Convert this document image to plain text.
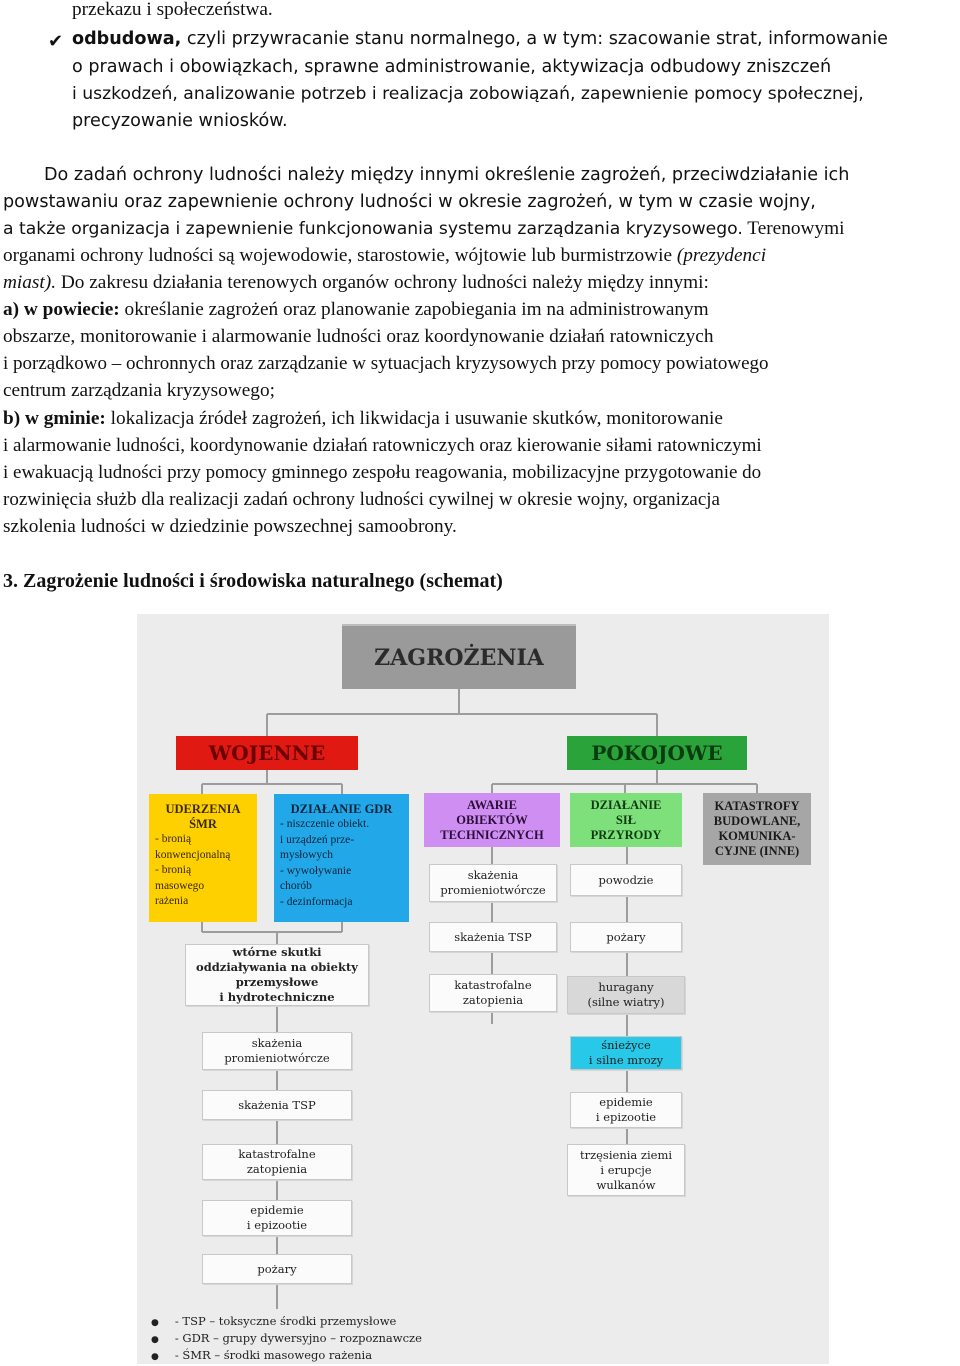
przekazu i społeczeństwa.
✔ odbudowa, czyli przywracanie stanu normalnego, a w tym: szacowanie strat, informowanie
o prawach i obowiązkach, sprawne administrowanie, aktywizacja odbudowy zniszczeń
i uszkodzeń, analizowanie potrzeb i realizacja zobowiązań, zapewnienie pomocy społecznej,
precyzowanie wniosków.
Do zadań ochrony ludności należy między innymi określenie zagrożeń, przeciwdziałanie ich
powstawaniu oraz zapewnienie ochrony ludności w okresie zagrożeń, w tym w czasie wojny,
a także organizacja i zapewnienie funkcjonowania systemu zarządzania kryzysowego. Terenowymi
organami ochrony ludności są wojewodowie, starostowie, wójtowie lub burmistrzowie (prezydenci
miast). Do zakresu działania terenowych organów ochrony ludności należy między innymi:
a) w powiecie: określanie zagrożeń oraz planowanie zapobiegania im na administrowanym
obszarze, monitorowanie i alarmowanie ludności oraz koordynowanie działań ratowniczych
i porządkowo – ochronnych oraz zarządzanie w sytuacjach kryzysowych przy pomocy powiatowego
centrum zarządzania kryzysowego;
b) w gminie: lokalizacja źródeł zagrożeń, ich likwidacja i usuwanie skutków, monitorowanie
i alarmowanie ludności, koordynowanie działań ratowniczych oraz kierowanie siłami ratowniczymi
i ewakuacją ludności przy pomocy gminnego zespołu reagowania, mobilizacyjne przygotowanie do
rozwinięcia służb dla realizacji zadań ochrony ludności cywilnej w okresie wojny, organizacja
szkolenia ludności w dziedzinie powszechnej samoobrony.
3. Zagrożenie ludności i środowiska naturalnego (schemat)
ZAGROŻENIA
WOJENNE	POKOJOWE
UDERZENIA
ŚMR
- bronią
konwencjonalną
- bronią
masowego
rażenia
DZIAŁANIE GDR
- niszczenie obiekt.
i urządzeń prze-
mysłowych
- wywoływanie
chorób
- dezinformacja
AWARIE
OBIEKTÓW
TECHNICZNYCH
DZIAŁANIE
SIŁ
PRZYRODY
KATASTROFY
BUDOWLANE,
KOMUNIKA-
CYJNE (INNE)
wtórne skutki
oddziaływania na obiekty
przemysłowe
i hydrotechniczne
skażenia
promieniotwórcze
skażenia TSP
katastrofalne
zatopienia
epidemie
i epizootie
pożary
skażenia
promieniotwórcze
skażenia TSP
katastrofalne
zatopienia
powodzie
pożary
huragany
(silne wiatry)
śnieżyce
i silne mrozy
epidemie
i epizootie
trzęsienia ziemi
i erupcje
wulkanów
● - TSP – toksyczne środki przemysłowe
● - GDR – grupy dywersyjno – rozpoznawcze
● - ŚMR – środki masowego rażenia
